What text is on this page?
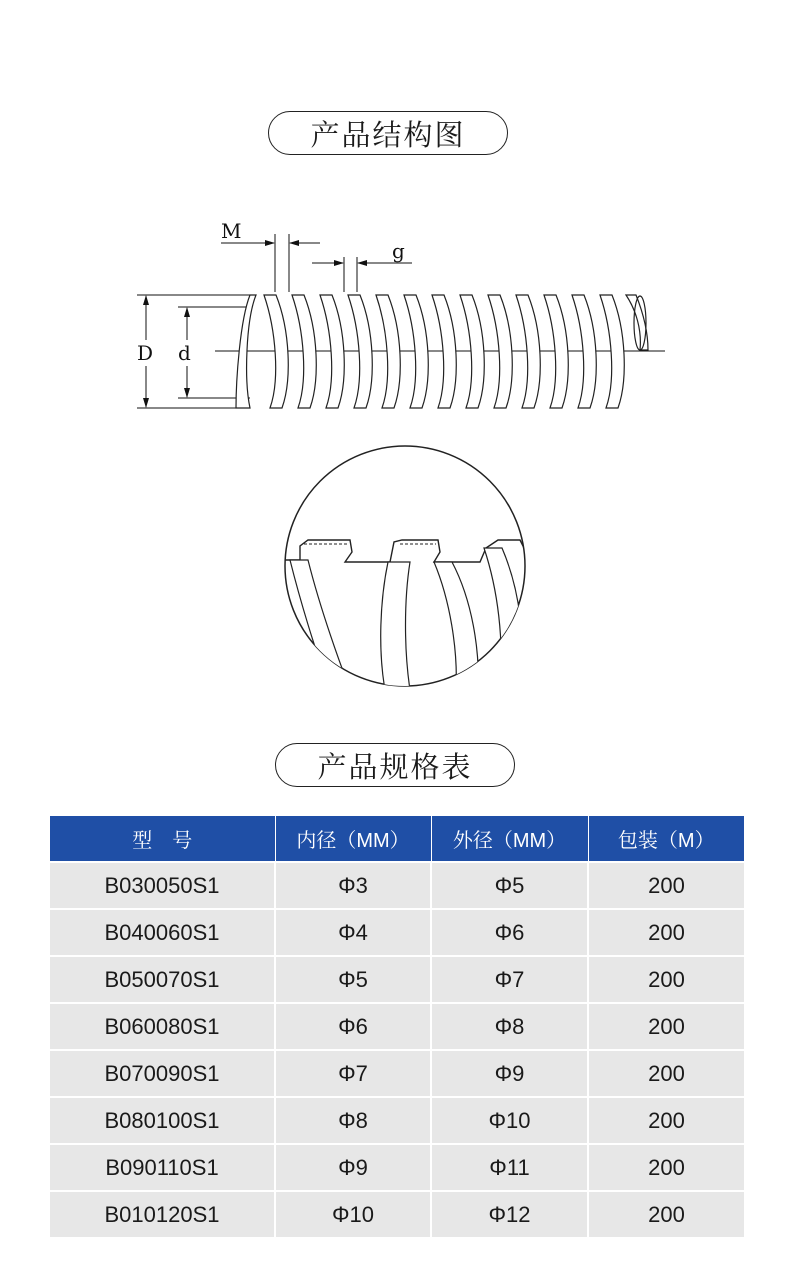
产品结构图
M
g
D d
产品规格表
型　号	内径（MM）	外径（MM）	包装（M）
B030050S1	Φ3	Φ5	200
B040060S1	Φ4	Φ6	200
B050070S1	Φ5	Φ7	200
B060080S1	Φ6	Φ8	200
B070090S1	Φ7	Φ9	200
B080100S1	Φ8	Φ10	200
B090110S1	Φ9	Φ11	200
B010120S1	Φ10	Φ12	200
